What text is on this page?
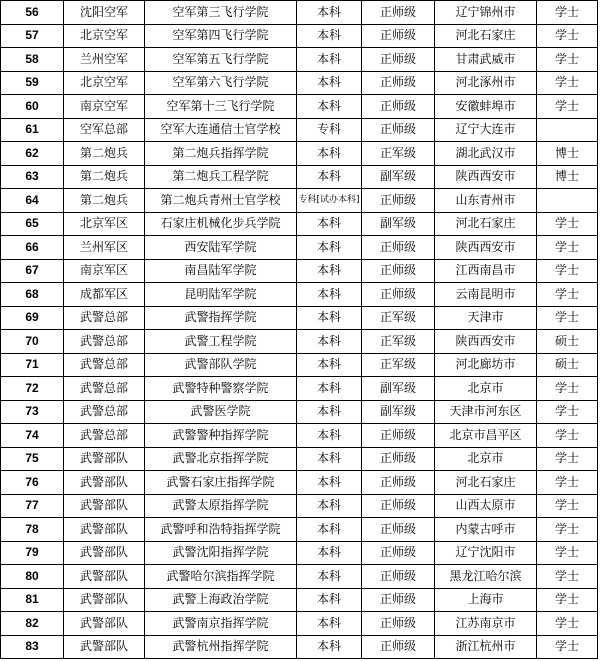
56	沈阳空军	空军第三飞行学院	本科	正师级	辽宁锦州市	学士
57	北京空军	空军第四飞行学院	本科	正师级	河北石家庄	学士
58	兰州空军	空军第五飞行学院	本科	正师级	甘肃武威市	学士
59	北京空军	空军第六飞行学院	本科	正师级	河北涿州市	学士
60	南京空军	空军第十三飞行学院	本科	正师级	安徽蚌埠市	学士
61	空军总部	空军大连通信士官学校	专科	正师级	辽宁大连市	
62	第二炮兵	第二炮兵指挥学院	本科	正军级	湖北武汉市	博士
63	第二炮兵	第二炮兵工程学院	本科	副军级	陕西西安市	博士
64	第二炮兵	第二炮兵青州士官学校	专科[试办本科]	正师级	山东青州市	
65	北京军区	石家庄机械化步兵学院	本科	副军级	河北石家庄	学士
66	兰州军区	西安陆军学院	本科	正师级	陕西西安市	学士
67	南京军区	南昌陆军学院	本科	正师级	江西南昌市	学士
68	成都军区	昆明陆军学院	本科	正师级	云南昆明市	学士
69	武警总部	武警指挥学院	本科	正军级	天津市	学士
70	武警总部	武警工程学院	本科	正军级	陕西西安市	硕士
71	武警总部	武警部队学院	本科	正军级	河北廊坊市	硕士
72	武警总部	武警特种警察学院	本科	副军级	北京市	学士
73	武警总部	武警医学院	本科	副军级	天津市河东区	学士
74	武警总部	武警警种指挥学院	本科	正师级	北京市昌平区	学士
75	武警部队	武警北京指挥学院	本科	正师级	北京市	学士
76	武警部队	武警石家庄指挥学院	本科	正师级	河北石家庄	学士
77	武警部队	武警太原指挥学院	本科	正师级	山西太原市	学士
78	武警部队	武警呼和浩特指挥学院	本科	正师级	内蒙古呼市	学士
79	武警部队	武警沈阳指挥学院	本科	正师级	辽宁沈阳市	学士
80	武警部队	武警哈尔滨指挥学院	本科	正师级	黑龙江哈尔滨	学士
81	武警部队	武警上海政治学院	本科	正师级	上海市	学士
82	武警部队	武警南京指挥学院	本科	正师级	江苏南京市	学士
83	武警部队	武警杭州指挥学院	本科	正师级	浙江杭州市	学士
